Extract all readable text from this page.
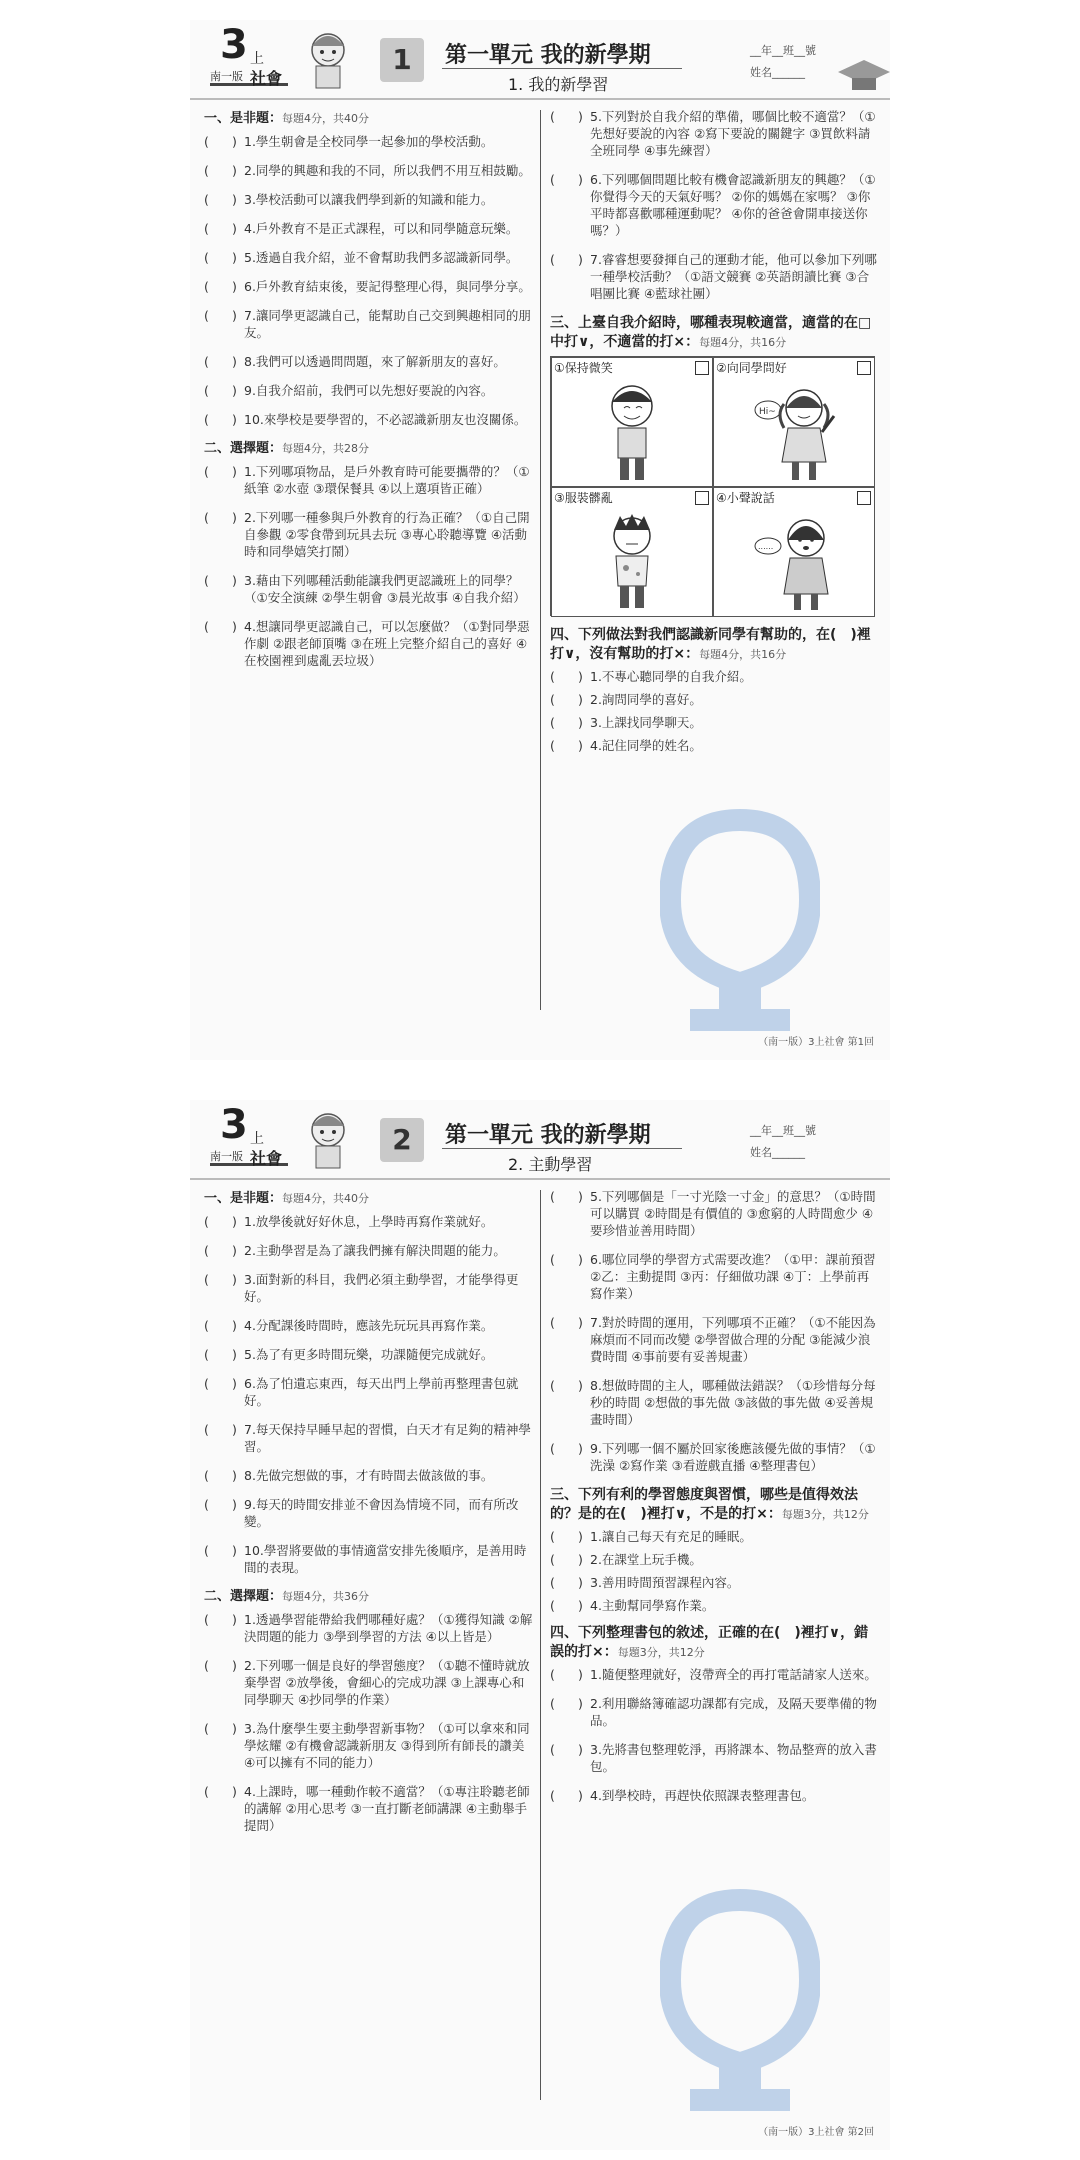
3 上
南一版 社會
1	第一單元 我的新學期
1. 我的新學習
__年__班__號
姓名______
一、是非題：每題4分，共40分
( ) 1.學生朝會是全校同學一起參加的學校活動。
( ) 2.同學的興趣和我的不同，所以我們不用互相鼓勵。
( ) 3.學校活動可以讓我們學到新的知識和能力。
( ) 4.戶外教育不是正式課程，可以和同學隨意玩樂。
( ) 5.透過自我介紹，並不會幫助我們多認識新同學。
( ) 6.戶外教育結束後，要記得整理心得，與同學分享。
( ) 7.讓同學更認識自己，能幫助自己交到興趣相同的朋友。
( ) 8.我們可以透過問問題，來了解新朋友的喜好。
( ) 9.自我介紹前，我們可以先想好要說的內容。
( ) 10.來學校是要學習的，不必認識新朋友也沒關係。
二、選擇題：每題4分，共28分
( ) 1.下列哪項物品，是戶外教育時可能要攜帶的？（①紙筆 ②水壺 ③環保餐具 ④以上選項皆正確）
( ) 2.下列哪一種參與戶外教育的行為正確？（①自己開自參觀 ②零食帶到玩具去玩 ③專心聆聽導覽 ④活動時和同學嬉笑打鬧）
( ) 3.藉由下列哪種活動能讓我們更認識班上的同學？（①安全演練 ②學生朝會 ③晨光故事 ④自我介紹）
( ) 4.想讓同學更認識自己，可以怎麼做？（①對同學惡作劇 ②跟老師頂嘴 ③在班上完整介紹自己的喜好 ④在校園裡到處亂丟垃圾）
( ) 5.下列對於自我介紹的準備，哪個比較不適當？（①先想好要說的內容 ②寫下要說的關鍵字 ③買飲料請全班同學 ④事先練習）
( ) 6.下列哪個問題比較有機會認識新朋友的興趣？（①你覺得今天的天氣好嗎？ ②你的媽媽在家嗎？ ③你平時都喜歡哪種運動呢？ ④你的爸爸會開車接送你嗎？）
( ) 7.睿睿想要發揮自己的運動才能，他可以參加下列哪一種學校活動？（①語文競賽 ②英語朗讀比賽 ③合唱團比賽 ④藍球社團）
三、上臺自我介紹時，哪種表現較適當，適當的在□中打∨，不適當的打×：每題4分，共16分
①保持微笑	②向同學問好
Hi~
③服裝髒亂	④小聲說話
......
四、下列做法對我們認識新同學有幫助的，在(　)裡打∨，沒有幫助的打×：每題4分，共16分
( ) 1.不專心聽同學的自我介紹。
( ) 2.詢問同學的喜好。
( ) 3.上課找同學聊天。
( ) 4.記住同學的姓名。
（南一版）3上社會 第1回
3 上
南一版 社會
2	第一單元 我的新學期
2. 主動學習
__年__班__號
姓名______
一、是非題：每題4分，共40分
( ) 1.放學後就好好休息，上學時再寫作業就好。
( ) 2.主動學習是為了讓我們擁有解決問題的能力。
( ) 3.面對新的科目，我們必須主動學習，才能學得更好。
( ) 4.分配課後時間時，應該先玩玩具再寫作業。
( ) 5.為了有更多時間玩樂，功課隨便完成就好。
( ) 6.為了怕遺忘東西，每天出門上學前再整理書包就好。
( ) 7.每天保持早睡早起的習慣，白天才有足夠的精神學習。
( ) 8.先做完想做的事，才有時間去做該做的事。
( ) 9.每天的時間安排並不會因為情境不同，而有所改變。
( ) 10.學習將要做的事情適當安排先後順序，是善用時間的表現。
二、選擇題：每題4分，共36分
( ) 1.透過學習能帶給我們哪種好處？（①獲得知識 ②解決問題的能力 ③學到學習的方法 ④以上皆是）
( ) 2.下列哪一個是良好的學習態度？（①聽不懂時就放棄學習 ②放學後，會細心的完成功課 ③上課專心和同學聊天 ④抄同學的作業）
( ) 3.為什麼學生要主動學習新事物？（①可以拿來和同學炫耀 ②有機會認識新朋友 ③得到所有師長的讚美 ④可以擁有不同的能力）
( ) 4.上課時，哪一種動作較不適當？（①專注聆聽老師的講解 ②用心思考 ③一直打斷老師講課 ④主動舉手提問）
( ) 5.下列哪個是「一寸光陰一寸金」的意思？（①時間可以購買 ②時間是有價值的 ③愈窮的人時間愈少 ④要珍惜並善用時間）
( ) 6.哪位同學的學習方式需要改進？（①甲：課前預習 ②乙：主動提問 ③丙：仔細做功課 ④丁：上學前再寫作業）
( ) 7.對於時間的運用，下列哪項不正確？（①不能因為麻煩而不同而改變 ②學習做合理的分配 ③能減少浪費時間 ④事前要有妥善規畫）
( ) 8.想做時間的主人，哪種做法錯誤？（①珍惜每分每秒的時間 ②想做的事先做 ③該做的事先做 ④妥善規畫時間）
( ) 9.下列哪一個不屬於回家後應該優先做的事情？（①洗澡 ②寫作業 ③看遊戲直播 ④整理書包）
三、下列有利的學習態度與習慣，哪些是值得效法的？是的在(　)裡打∨，不是的打×：每題3分，共12分
( ) 1.讓自己每天有充足的睡眠。
( ) 2.在課堂上玩手機。
( ) 3.善用時間預習課程內容。
( ) 4.主動幫同學寫作業。
四、下列整理書包的敘述，正確的在(　)裡打∨，錯誤的打×：每題3分，共12分
( ) 1.隨便整理就好，沒帶齊全的再打電話請家人送來。
( ) 2.利用聯絡簿確認功課都有完成，及隔天要準備的物品。
( ) 3.先將書包整理乾淨，再將課本、物品整齊的放入書包。
( ) 4.到學校時，再趕快依照課表整理書包。
（南一版）3上社會 第2回
